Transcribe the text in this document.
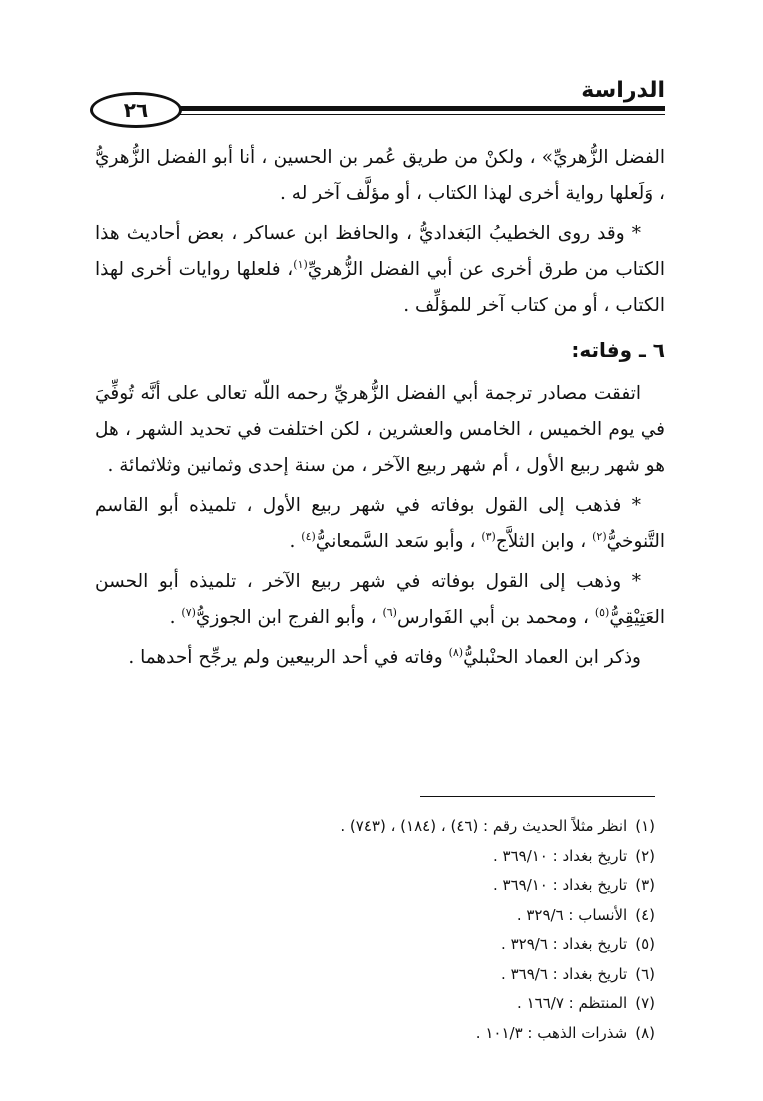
٢٦
الدراسة

الفضل الزُّهريِّ» ، ولكنْ من طريق عُمر بن الحسين ، أنا أبو الفضل الزُّهريُّ ، وَلَعلها رواية أخرى لهذا الكتاب ، أو مؤلَّف آخر له .

* وقد روى الخطيبُ البَغداديُّ ، والحافظ ابن عساكر ، بعض أحاديث هذا الكتاب من طرق أخرى عن أبي الفضل الزُّهريِّ$^{(١)}$، فلعلها روايات أخرى لهذا الكتاب ، أو من كتاب آخر للمؤلِّف .

٦ ـ وفاته:

اتفقت مصادر ترجمة أبي الفضل الزُّهريِّ رحمه اللّه تعالى على أنَّه تُوفِّيَ في يوم الخميس ، الخامس والعشرين ، لكن اختلفت في تحديد الشهر ، هل هو شهر ربيع الأول ، أم شهر ربيع الآخر ، من سنة إحدى وثمانين وثلاثمائة .

* فذهب إلى القول بوفاته في شهر ربيع الأول ، تلميذه أبو القاسم التَّنوخيُّ$^{(٢)}$ ، وابن الثلاَّج$^{(٣)}$ ، وأبو سَعد السَّمعانيُّ$^{(٤)}$ .

* وذهب إلى القول بوفاته في شهر ربيع الآخر ، تلميذه أبو الحسن العَتِيْقِيُّ$^{(٥)}$ ، ومحمد بن أبي الفَوارس$^{(٦)}$ ، وأبو الفرج ابن الجوزيُّ$^{(٧)}$ .

وذكر ابن العماد الحنْبليُّ$^{(٨)}$ وفاته في أحد الربيعين ولم يرجِّح أحدهما .

(١)انظر مثلاً الحديث رقم : (٤٦) ، (١٨٤) ، (٧٤٣) .
(٢)تاريخ بغداد : ٣٦٩/١٠ .
(٣)تاريخ بغداد : ٣٦٩/١٠ .
(٤)الأنساب : ٣٢٩/٦ .
(٥)تاريخ بغداد : ٣٢٩/٦ .
(٦)تاريخ بغداد : ٣٦٩/٦ .
(٧)المنتظم : ١٦٦/٧ .
(٨)شذرات الذهب : ١٠١/٣ .
